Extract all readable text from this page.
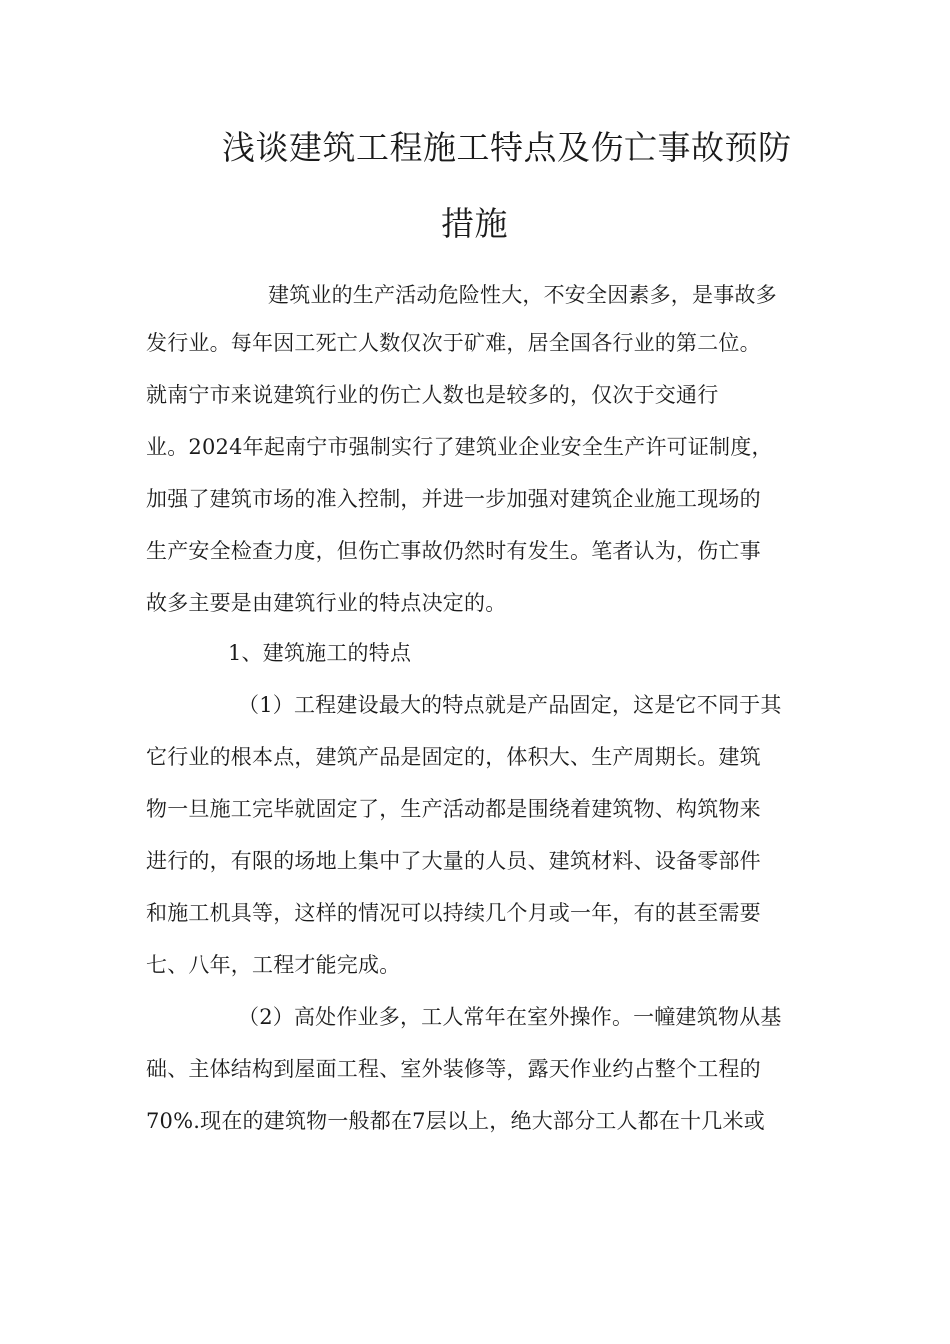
浅谈建筑工程施工特点及伤亡事故预防
措施
建筑业的生产活动危险性大，不安全因素多，是事故多
发行业。每年因工死亡人数仅次于矿难，居全国各行业的第二位。
就南宁市来说建筑行业的伤亡人数也是较多的，仅次于交通行
业。2024年起南宁市强制实行了建筑业企业安全生产许可证制度，
加强了建筑市场的准入控制，并进一步加强对建筑企业施工现场的
生产安全检查力度，但伤亡事故仍然时有发生。笔者认为，伤亡事
故多主要是由建筑行业的特点决定的。
1、建筑施工的特点
（1）工程建设最大的特点就是产品固定，这是它不同于其
它行业的根本点，建筑产品是固定的，体积大、生产周期长。建筑
物一旦施工完毕就固定了，生产活动都是围绕着建筑物、构筑物来
进行的，有限的场地上集中了大量的人员、建筑材料、设备零部件
和施工机具等，这样的情况可以持续几个月或一年，有的甚至需要
七、八年，工程才能完成。
（2）高处作业多，工人常年在室外操作。一幢建筑物从基
础、主体结构到屋面工程、室外装修等，露天作业约占整个工程的
70%.现在的建筑物一般都在7层以上，绝大部分工人都在十几米或
